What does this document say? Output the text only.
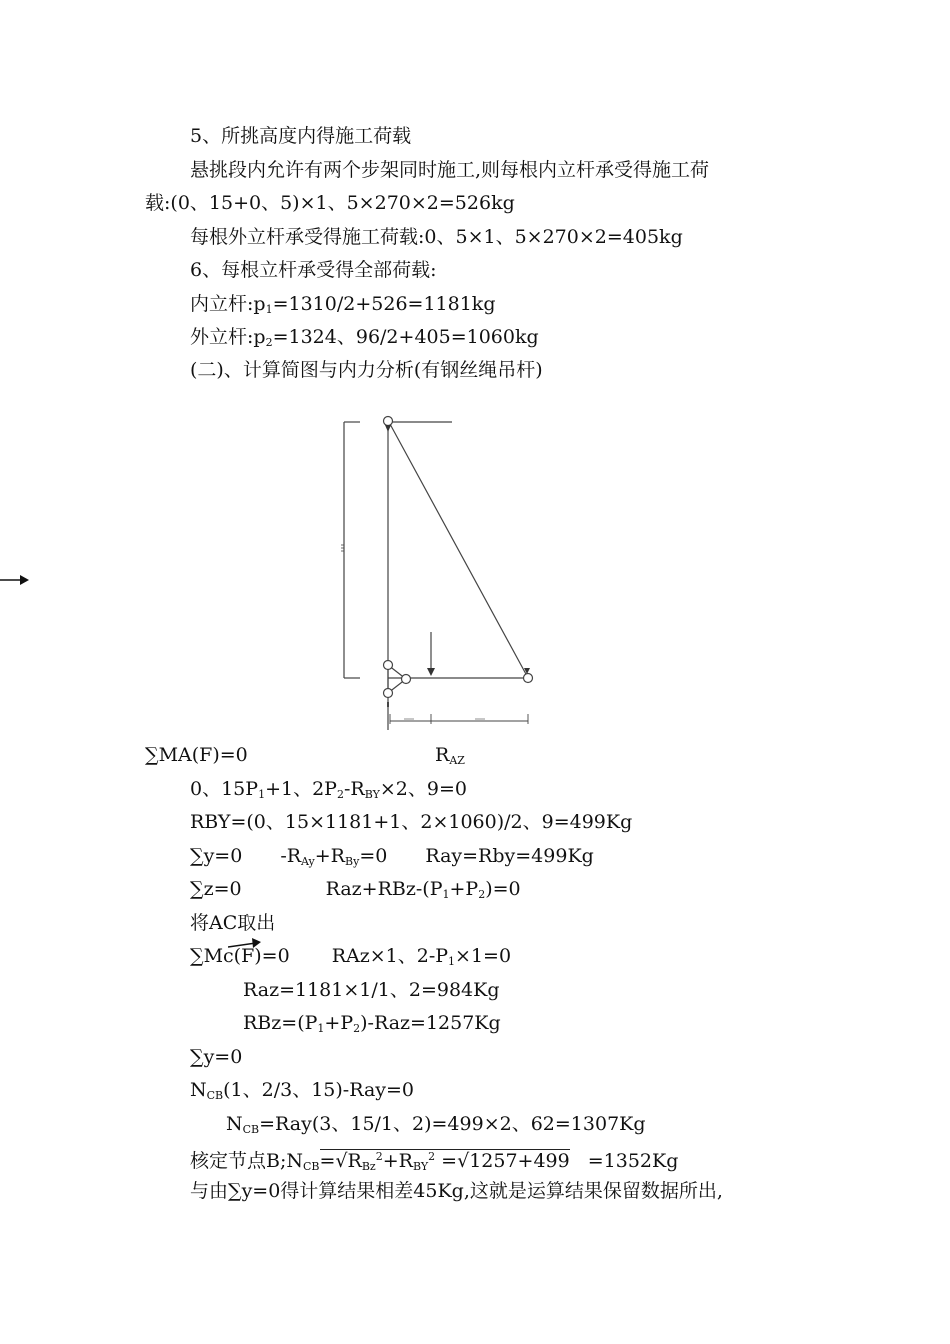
5、所挑高度内得施工荷载
悬挑段内允许有两个步架同时施工,则每根内立杆承受得施工荷
载:(0、15+0、5)×1、5×270×2=526kg
每根外立杆承受得施工荷载:0、5×1、5×270×2=405kg
6、每根立杆承受得全部荷载:
内立杆$:p_1=1310/2+526=1181kg$
外立杆$:p_2=1324$、96/2+405=1060kg
(二)、计算简图与内力分析(有钢丝绳吊杆)
∑MA(F)=0	$R_{AZ}$
0、$15P_1+1$、$2P_2-R_{BY}\times 2$、9=0
RBY=(0、15×1181+1、2×1060)/2、9=499Kg
∑y=0 $-R_{Ay}+R_{By}=0$ Ray=Rby=499Kg
∑z=0	$Raz+RBz-(P_1+P_2)=0$
将AC取出
∑Mc(F)=0 RAz×1、$2-P_1\times 1=0$
Raz=1181×1/1、2=984Kg
$RBz=(P_1+P_2)-Raz=1257Kg$
∑y=0
$N_{CB}(1$、2/3、15)-Ray=0
$N_{CB}=Ray(3$、15/1、2)=499×2、62=1307Kg
核定节点$B;N_{CB}=√R_{Bz}^2+R_{BY}^2 =√1257+499 =1352Kg$
与由∑y=0得计算结果相差45Kg,这就是运算结果保留数据所出,
